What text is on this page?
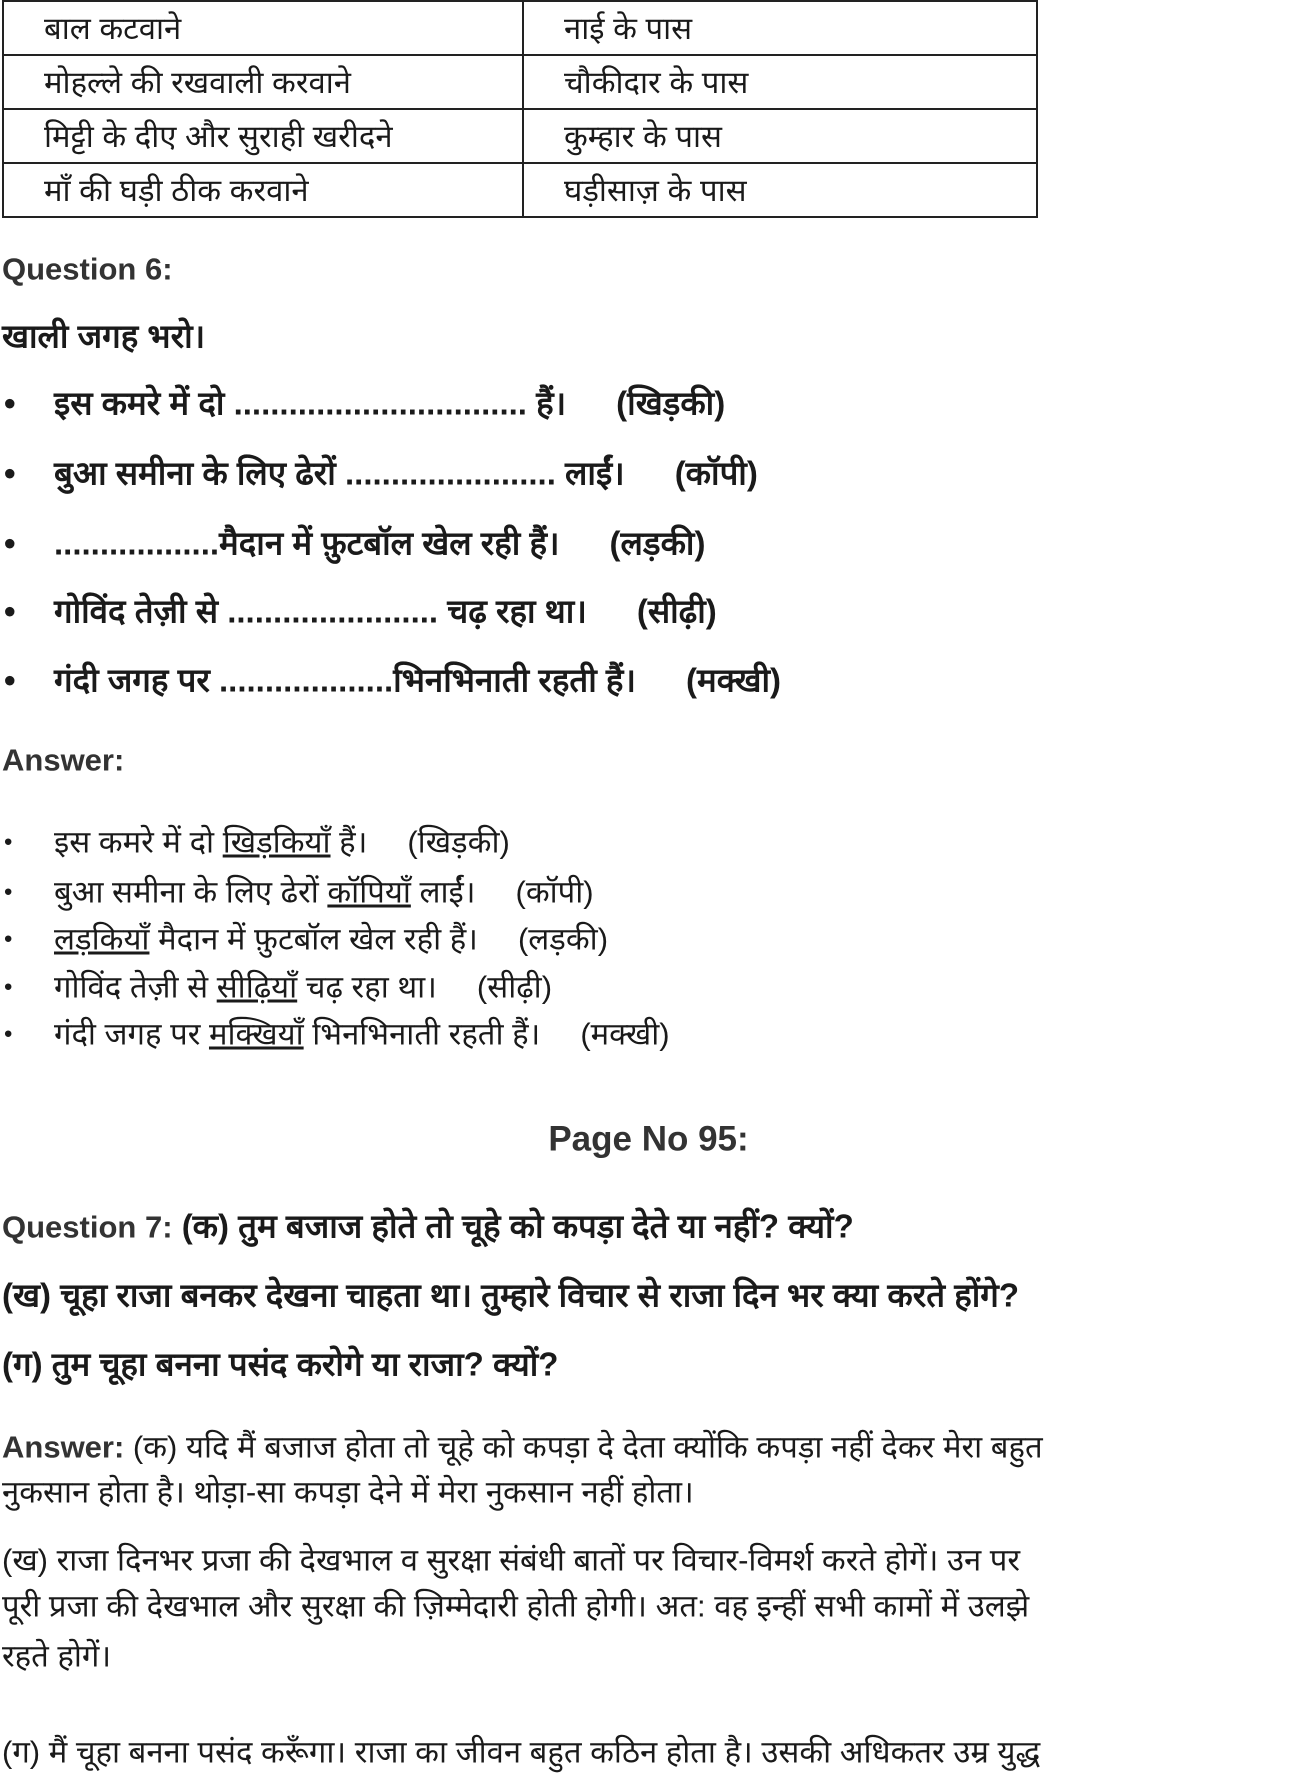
बाल कटवाने	नाई के पास
मोहल्ले की रखवाली करवाने	चौकीदार के पास
मिट्टी के दीए और सुराही खरीदने	कुम्हार के पास
माँ की घड़ी ठीक करवाने	घड़ीसाज़ के पास
Question 6:
खाली जगह भरो।
• इस कमरे में दो ................................ हैं। (खिड़की)
• बुआ समीना के लिए ढेरों ....................... लाईं। (कॉपी)
• ..................मैदान में फ़ुटबॉल खेल रही हैं। (लड़की)
• गोविंद तेज़ी से ....................... चढ़ रहा था। (सीढ़ी)
• गंदी जगह पर ...................भिनभिनाती रहती हैं। (मक्खी)
Answer:
• इस कमरे में दो खिड़कियाँ हैं। (खिड़की)
• बुआ समीना के लिए ढेरों कॉपियाँ लाईं। (कॉपी)
• लड़कियाँ मैदान में फ़ुटबॉल खेल रही हैं। (लड़की)
• गोविंद तेज़ी से सीढ़ियाँ चढ़ रहा था। (सीढ़ी)
• गंदी जगह पर मक्खियाँ भिनभिनाती रहती हैं। (मक्खी)
Page No 95:
Question 7: (क) तुम बजाज होते तो चूहे को कपड़ा देते या नहीं? क्यों?
(ख) चूहा राजा बनकर देखना चाहता था। तुम्हारे विचार से राजा दिन भर क्या करते होंगे?
(ग) तुम चूहा बनना पसंद करोगे या राजा? क्यों?
Answer: (क) यदि मैं बजाज होता तो चूहे को कपड़ा दे देता क्योंकि कपड़ा नहीं देकर मेरा बहुत
नुकसान होता है। थोड़ा-सा कपड़ा देने में मेरा नुकसान नहीं होता।
(ख) राजा दिनभर प्रजा की देखभाल व सुरक्षा संबंधी बातों पर विचार-विमर्श करते होगें। उन पर
पूरी प्रजा की देखभाल और सुरक्षा की ज़िम्मेदारी होती होगी। अत: वह इन्हीं सभी कामों में उलझे
रहते होगें।
(ग) मैं चूहा बनना पसंद करूँगा। राजा का जीवन बहुत कठिन होता है। उसकी अधिकतर उम्र युद्ध
